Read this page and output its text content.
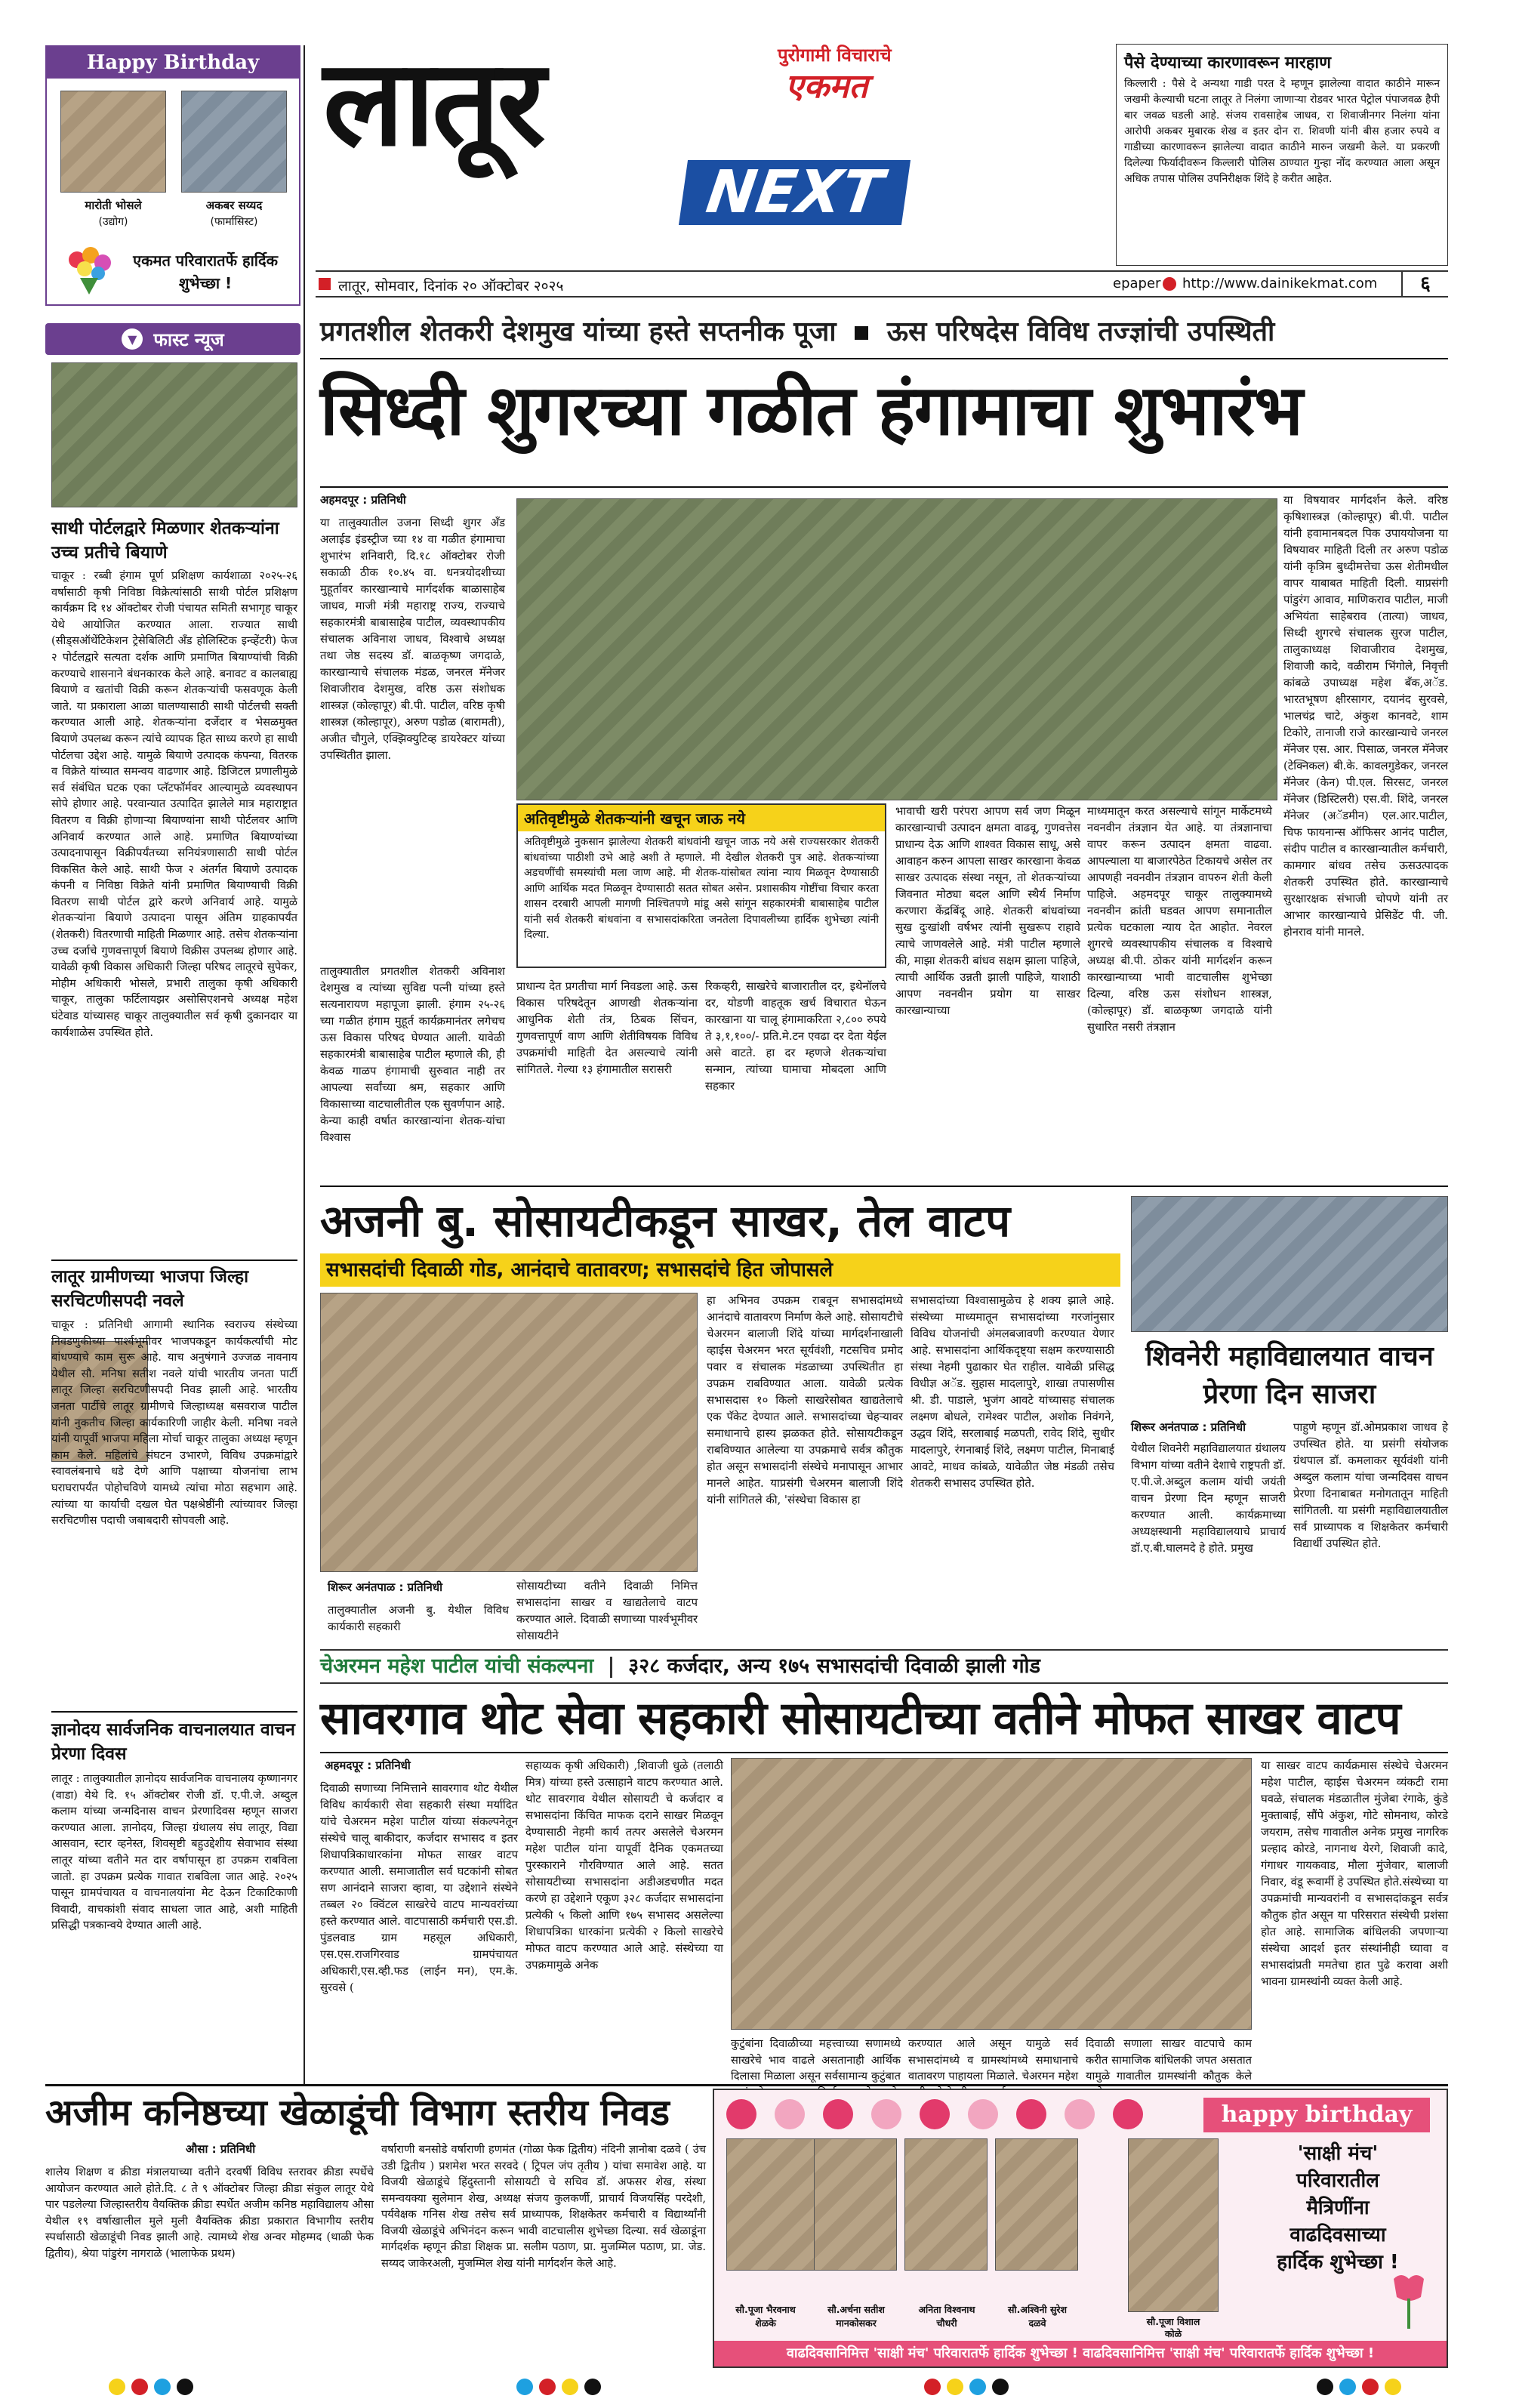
Happy Birthday
मारोती भोसले
(उद्योग)
अकबर सय्यद
(फार्मासिस्ट)
एकमत परिवारातर्फे हार्दिक शुभेच्छा !
▼ फास्ट न्यूज
साथी पोर्टलद्वारे मिळणार शेतकऱ्यांना उच्च प्रतीचे बियाणे
चाकूर : रब्बी हंगाम पूर्ण प्रशिक्षण कार्यशाळा २०२५-२६ वर्षासाठी कृषी निविष्ठा विक्रेत्यांसाठी साथी पोर्टल प्रशिक्षण कार्यक्रम दि १४ ऑक्टोबर रोजी पंचायत समिती सभागृह चाकूर येथे आयोजित करण्यात आला. राज्यात साथी (सीड्सऑथेंटिकेशन ट्रेसेबिलिटी अँड होलिस्टिक इन्व्हेंटरी) फेज २ पोर्टलद्वारे सत्यता दर्शक आणि प्रमाणित बियाण्यांची विक्री करण्याचे शासनाने बंधनकारक केले आहे. बनावट व कालबाह्य बियाणे व खतांची विक्री करून शेतकऱ्यांची फसवणूक केली जाते. या प्रकाराला आळा घालण्यासाठी साथी पोर्टलची सक्ती करण्यात आली आहे. शेतकऱ्यांना दर्जेदार व भेसळमुक्त बियाणे उपलब्ध करून त्यांचे व्यापक हित साध्य करणे हा साथी पोर्टलचा उद्देश आहे. यामुळे बियाणे उत्पादक कंपन्या, वितरक व विक्रेते यांच्यात समन्वय वाढणार आहे. डिजिटल प्रणालीमुळे सर्व संबंधित घटक एका प्लॅटफॉर्मवर आल्यामुळे व्यवस्थापन सोपे होणार आहे. परवान्यात उत्पादित झालेले मात्र महाराष्ट्रात वितरण व विक्री होणाऱ्या बियाण्यांना साथी पोर्टलवर आणि अनिवार्य करण्यात आले आहे. प्रमाणित बियाण्यांच्या उत्पादनापासून विक्रीपर्यंतच्या सनियंत्रणासाठी साथी पोर्टल विकसित केले आहे. साथी फेज २ अंतर्गत बियाणे उत्पादक कंपनी व निविष्ठा विक्रेते यांनी प्रमाणित बियाण्याची विक्री वितरण साथी पोर्टल द्वारे करणे अनिवार्य आहे. यामुळे शेतकऱ्यांना बियाणे उत्पादना पासून अंतिम ग्राहकापर्यंत (शेतकरी) वितरणाची माहिती मिळणार आहे. तसेच शेतकऱ्यांना उच्च दर्जाचे गुणवत्तापूर्ण बियाणे विक्रीस उपलब्ध होणार आहे. यावेळी कृषी विकास अधिकारी जिल्हा परिषद लातूरचे सुपेकर, मोहीम अधिकारी भोसले, प्रभारी तालुका कृषी अधिकारी चाकूर, तालुका फर्टिलायझर असोसिएशनचे अध्यक्ष महेश घंटेवाड यांच्यासह चाकूर तालुक्यातील सर्व कृषी दुकानदार या कार्यशाळेस उपस्थित होते.
लातूर ग्रामीणच्या भाजपा जिल्हा सरचिटणीसपदी नवले
चाकूर : प्रतिनिधी आगामी स्थानिक स्वराज्य संस्थेच्या निवडणुकीच्या पार्श्वभूमीवर भाजपकडून कार्यकर्त्यांची मोट बांधण्याचे काम सुरू आहे. याच अनुषंगाने उज्जळ नावनाय येथील सौ. मनिषा सतीश नवले यांची भारतीय जनता पार्टी लातूर जिल्हा सरचिटणीसपदी निवड झाली आहे. भारतीय जनता पार्टीचे लातूर ग्रामीणचे जिल्हाध्यक्ष बसवराज पाटील यांनी नुकतीच जिल्हा कार्यकारिणी जाहीर केली. मनिषा नवले यांनी यापूर्वी भाजपा महिला मोर्चा चाकूर तालुका अध्यक्ष म्हणून काम केले. महिलांचे संघटन उभारणे, विविध उपक्रमांद्वारे स्वावलंबनाचे धडे देणे आणि पक्षाच्या योजनांचा लाभ घराघरापर्यंत पोहोचविणे यामध्ये त्यांचा मोठा सहभाग आहे. त्यांच्या या कार्याची दखल घेत पक्षश्रेष्ठींनी त्यांच्यावर जिल्हा सरचिटणीस पदाची जबाबदारी सोपवली आहे.
ज्ञानोदय सार्वजनिक वाचनालयात वाचन प्रेरणा दिवस
लातूर : तालुक्यातील ज्ञानोदय सार्वजनिक वाचनालय कृष्णानगर (वाडा) येथे दि. १५ ऑक्टोबर रोजी डॉ. ए.पी.जे. अब्दुल कलाम यांच्या जन्मदिनास वाचन प्रेरणादिवस म्हणून साजरा करण्यात आला. ज्ञानोदय, जिल्हा ग्रंथालय संघ लातूर, विद्या आसवान, स्टार व्हनेस्त, शिवसृष्टी बहुउद्देशीय सेवाभाव संस्था लातूर यांच्या वतीने मत दार वर्षापासून हा उपक्रम राबविला जातो. हा उपक्रम प्रत्येक गावात राबविला जात आहे. २०२५ पासून ग्रामपंचायत व वाचनालयांना मेट देऊन टिकाटिकाणी विवादी, वाचकांशी संवाद साधला जात आहे, अशी माहिती प्रसिद्धी पत्रकान्वये देण्यात आली आहे.
लातूर	पुरोगामी विचाराचे
एकमत
NEXT
लातूर, सोमवार, दिनांक २० ऑक्टोबर २०२५	epaper http://www.dainikekmat.com	६
पैसे देण्याच्या कारणावरून मारहाण
किल्लारी : पैसे दे अन्यथा गाडी परत दे म्हणून झालेल्या वादात काठीने मारून जखमी केल्याची घटना लातूर ते निलंगा जाणाऱ्या रोडवर भारत पेट्रोल पंपाजवळ हैपी बार जवळ घडली आहे. संजय रावसाहेब जाधव, रा शिवाजीनगर निलंगा यांना आरोपी अकबर मुबारक शेख व इतर दोन रा. शिवणी यांनी बीस हजार रुपये व गाडीच्या कारणावरून झालेल्या वादात काठीने मारुन जखमी केले. या प्रकरणी दिलेल्या फिर्यादीवरून किल्लारी पोलिस ठाण्यात गुन्हा नोंद करण्यात आला असून अधिक तपास पोलिस उपनिरीक्षक शिंदे हे करीत आहेत.
प्रगतशील शेतकरी देशमुख यांच्या हस्ते सप्तनीक पूजा ऊस परिषदेस विविध तज्ज्ञांची उपस्थिती
सिध्दी शुगरच्या गळीत हंगामाचा शुभारंभ
अहमदपूर : प्रतिनिधी
या तालुक्यातील उजना सिध्दी शुगर अँड अलाईड इंडस्ट्रीज च्या १४ वा गळीत हंगामाचा शुभारंभ शनिवारी, दि.१८ ऑक्टोबर रोजी सकाळी ठीक १०.४५ वा. धनत्रयोदशीच्या मुहूर्तावर कारखान्याचे मार्गदर्शक बाळासाहेब जाधव, माजी मंत्री महाराष्ट्र राज्य, राज्याचे सहकारमंत्री बाबासाहेब पाटील, व्यवस्थापकीय संचालक अविनाश जाधव, विश्वाचे अध्यक्ष तथा जेष्ठ सदस्य डॉ. बाळकृष्ण जगदाळे, कारखान्याचे संचालक मंडळ, जनरल मॅनेजर शिवाजीराव देशमुख, वरिष्ठ ऊस संशोधक शास्त्रज्ञ (कोल्हापूर) बी.पी. पाटील, वरिष्ठ कृषी शास्त्रज्ञ (कोल्हापूर), अरुण पडोळ (बारामती), अजीत चौगुले, एक्झिक्युटिव्ह डायरेक्टर यांच्या उपस्थितीत झाला.
तालुक्यातील प्रगतशील शेतकरी अविनाश देशमुख व त्यांच्या सुविद्य पत्नी यांच्या हस्ते सत्यनारायण महापूजा झाली. हंगाम २५-२६ च्या गळीत हंगाम मुहूर्त कार्यक्रमानंतर लगेचच ऊस विकास परिषद घेण्यात आली. यावेळी सहकारमंत्री बाबासाहेब पाटील म्हणाले की, ही केवळ गाळप हंगामाची सुरुवात नाही तर आपल्या सर्वांच्या श्रम, सहकार आणि विकासाच्या वाटचालीतील एक सुवर्णपान आहे. केन्या काही वर्षात कारखान्यांना शेतक-यांचा विश्वास
अतिवृष्टीमुळे शेतकऱ्यांनी खचून जाऊ नये
अतिवृष्टीमुळे नुकसान झालेल्या शेतकरी बांधवांनी खचून जाऊ नये असे राज्यसरकार शेतकरी बांधवांच्या पाठीशी उभे आहे अशी ते म्हणाले. मी देखील शेतकरी पुत्र आहे. शेतकऱ्यांच्या अडचणींची समस्यांची मला जाण आहे. मी शेतक-यांसोबत त्यांना न्याय मिळवून देण्यासाठी आणि आर्थिक मदत मिळवून देण्यासाठी सतत सोबत असेन. प्रशासकीय गोष्टींचा विचार करता शासन दरबारी आपली मागणी निश्चितपणे मांडू असे सांगून सहकारमंत्री बाबासाहेब पाटील यांनी सर्व शेतकरी बांधवांना व सभासदांकरिता जनतेला दिपावलीच्या हार्दिक शुभेच्छा त्यांनी दिल्या.
प्राधान्य देत प्रगतीचा मार्ग निवडला आहे. ऊस विकास परिषदेतून आणखी शेतकऱ्यांना आधुनिक शेती तंत्र, ठिबक सिंचन, गुणवत्तापूर्ण वाण आणि शेतीविषयक विविध उपक्रमांची माहिती देत असल्याचे त्यांनी सांगितले. गेल्या १३ हंगामातील सरासरी
रिकव्हरी, साखरेचे बाजारातील दर, इथेनॉलचे दर, योडणी वाहतूक खर्च विचारात घेऊन कारखाना या चालू हंगामाकरिता २,८०० रुपये ते ३,१,१००/- प्रति.मे.टन एवढा दर देता येईल असे वाटते. हा दर म्हणजे शेतकऱ्यांचा सन्मान, त्यांच्या घामाचा मोबदला आणि सहकार
भावाची खरी परंपरा आपण सर्व जण मिळून कारखान्याची उत्पादन क्षमता वाढवू, गुणवत्तेस प्राधान्य देऊ आणि शाश्वत विकास साधू, असे आवाहन करुन आपला साखर कारखाना केवळ साखर उत्पादक संस्था नसून, तो शेतकऱ्यांच्या जिवनात मोठ्या बदल आणि स्थैर्य निर्माण करणारा केंद्रबिंदू आहे. शेतकरी बांधवांच्या सुख दुःखांशी वर्षभर त्यांनी सुखरूप राहावे त्याचे जाणवलेले आहे. मंत्री पाटील म्हणाले की, माझा शेतकरी बांधव सक्षम झाला पाहिजे, त्याची आर्थिक उन्नती झाली पाहिजे, याशाठी आपण नवनवीन प्रयोग या साखर कारखान्याच्या
माध्यमातून करत असल्याचे सांगून मार्केटमध्ये नवनवीन तंत्रज्ञान येत आहे. या तंत्रज्ञानाचा वापर करून उत्पादन क्षमता वाढवा. आपल्याला या बाजारपेठेत टिकायचे असेल तर आपणही नवनवीन तंत्रज्ञान वापरुन शेती केली पाहिजे. अहमदपूर चाकूर तालुक्यामध्ये नवनवीन क्रांती घडवत आपण समानातील प्रत्येक घटकाला न्याय देत आहोत. नेवरल शुगरचे व्यवस्थापकीय संचालक व विश्वाचे अध्यक्ष बी.पी. ठोकर यांनी मार्गदर्शन करून कारखान्याच्या भावी वाटचालीस शुभेच्छा दिल्या, वरिष्ठ ऊस संशोधन शास्त्रज्ञ, (कोल्हापूर) डॉ. बाळकृष्ण जगदाळे यांनी सुधारित नसरी तंत्रज्ञान
या विषयावर मार्गदर्शन केले. वरिष्ठ कृषिशास्त्रज्ञ (कोल्हापूर) बी.पी. पाटील यांनी हवामानबदल पिक उपाययोजना या विषयावर माहिती दिली तर अरुण पडोळ यांनी कृत्रिम बुध्दीमत्तेचा ऊस शेतीमधील वापर याबाबत माहिती दिली. याप्रसंगी पांडुरंग आवाव, माणिकराव पाटील, माजी अभियंता साहेबराव (तात्या) जाधव, सिध्दी शुगरचे संचालक सुरज पाटील, तालुकाध्यक्ष शिवाजीराव देशमुख, शिवाजी कादे, वळीराम भिंगोले, निवृत्ती कांबळे उपाध्यक्ष महेश बँक,अॅड. भारतभूषण क्षीरसागर, दयानंद सुरवसे, भालचंद्र चाटे, अंकुश कानवटे, शाम टिकोरे, तानाजी राजे कारखान्याचे जनरल मॅनेजर एस. आर. पिसाळ, जनरल मॅनेजर (टेक्निकल) बी.के. कावलगुडेकर, जनरल मॅनेजर (केन) पी.एल. सिरसट, जनरल मॅनेजर (डिस्टिलरी) एस.वी. शिंदे, जनरल मॅनेजर (अॅडमीन) एल.आर.पाटील, चिफ फायनान्स ऑफिसर आनंद पाटील, संदीप पाटील व कारखान्यातील कर्मचारी, कामगार बांधव तसेच ऊसउत्पादक शेतकरी उपस्थित होते. कारखान्याचे सुरक्षारक्षक संभाजी चोपणे यांनी तर आभार कारखान्याचे प्रेसिडेंट पी. जी. होनराव यांनी मानले.
अजनी बु. सोसायटीकडून साखर, तेल वाटप
सभासदांची दिवाळी गोड, आनंदाचे वातावरण; सभासदांचे हित जोपासले
शिरूर अनंतपाळ : प्रतिनिधी
तालुक्यातील अजनी बु. येथील विविध कार्यकारी सहकारी
सोसायटीच्या वतीने दिवाळी निमित्त सभासदांना साखर व खाद्यतेलाचे वाटप करण्यात आले. दिवाळी सणाच्या पार्श्वभूमीवर सोसायटीने
हा अभिनव उपक्रम राबवून सभासदांमध्ये आनंदाचे वातावरण निर्माण केले आहे. सोसायटीचे चेअरमन बालाजी शिंदे यांच्या मार्गदर्शनाखाली व्हाईस चेअरमन भरत सूर्यवंशी, गटसचिव प्रमोद पवार व संचालक मंडळाच्या उपस्थितीत हा उपक्रम राबविण्यात आला. यावेळी प्रत्येक सभासदास १० किलो साखरेसोबत खाद्यतेलाचे एक पॅकेट देण्यात आले. सभासदांच्या चेहऱ्यावर समाधानाचे हास्य झळकत होते. सोसायटीकडून राबविण्यात आलेल्या या उपक्रमाचे सर्वत्र कौतुक होत असून सभासदांनी संस्थेचे मनापासून आभार मानले आहेत. याप्रसंगी चेअरमन बालाजी शिंदे यांनी सांगितले की, 'संस्थेचा विकास हा
सभासदांच्या विश्वासामुळेच हे शक्य झाले आहे. संस्थेच्या माध्यमातून सभासदांच्या गरजांनुसार विविध योजनांची अंमलबजावणी करण्यात येणार आहे. सभासदांना आर्थिकदृष्ट्या सक्षम करण्यासाठी संस्था नेहमी पुढाकार घेत राहील. यावेळी प्रसिद्ध विधीज्ञ अॅड. सुहास मादलापुरे, शाखा तपासणीस श्री. डी. पाडाले, भुजंग आवटे यांच्यासह संचालक लक्ष्मण बोधले, रामेश्वर पाटील, अशोक निवंगने, उद्धव शिंदे, सरलाबाई मळपती, रावेद शिंदे, सुधीर मादलापुरे, रंगनाबाई शिंदे, लक्ष्मण पाटील, मिनाबाई आवटे, माधव कांबळे, यावेळीत जेष्ठ मंडळी तसेच शेतकरी सभासद उपस्थित होते.
शिवनेरी महाविद्यालयात वाचन प्रेरणा दिन साजरा
शिरूर अनंतपाळ : प्रतिनिधी
येथील शिवनेरी महाविद्यालयात ग्रंथालय विभाग यांच्या वतीने देशाचे राष्ट्रपती डॉ. ए.पी.जे.अब्दुल कलाम यांची जयंती वाचन प्रेरणा दिन म्हणून साजरी करण्यात आली. कार्यक्रमाच्या अध्यक्षस्थानी महाविद्यालयाचे प्राचार्य डॉ.ए.बी.घालमदे हे होते. प्रमुख
पाहुणे म्हणून डॉ.ओमप्रकाश जाधव हे उपस्थित होते. या प्रसंगी संयोजक ग्रंथपाल डॉ. कमलाकर सूर्यवंशी यांनी अब्दुल कलाम यांचा जन्मदिवस वाचन प्रेरणा दिनाबाबत मनोगतातून माहिती सांगितली. या प्रसंगी महाविद्यालयातील सर्व प्राध्यापक व शिक्षकेतर कर्मचारी विद्यार्थी उपस्थित होते.
चेअरमन महेश पाटील यांची संकल्पना ३२८ कर्जदार, अन्य १७५ सभासदांची दिवाळी झाली गोड
सावरगाव थोट सेवा सहकारी सोसायटीच्या वतीने मोफत साखर वाटप
अहमदपूर : प्रतिनिधी
दिवाळी सणाच्या निमित्ताने सावरगाव थोट येथील विविध कार्यकारी सेवा सहकारी संस्था मर्यादित यांचे चेअरमन महेश पाटील यांच्या संकल्पनेतून संस्थेचे चालू बाकीदार, कर्जदार सभासद व इतर शिधापत्रिकाधारकांना मोफत साखर वाटप करण्यात आली. समाजातील सर्व घटकांनी सोबत सण आनंदाने साजरा व्हावा, या उद्देशाने संस्थेने तब्बल २० क्विंटल साखरेचे वाटप मान्यवरांच्या हस्ते करण्यात आले. वाटपासाठी कर्मचारी एस.डी. पुंडलवाड ग्राम महसूल अधिकारी, एस.एस.राजगिरवाड ग्रामपंचायत अधिकारी,एस.व्ही.फड (लाईन मन), एम.के. सुरवसे (
सहाय्यक कृषी अधिकारी) ,शिवाजी धुळे (तलाठी मित्र) यांच्या हस्ते उत्साहाने वाटप करण्यात आले. थोट सावरगाव येथील सोसायटी चे कर्जदार व सभासदांना किंचित माफक दराने साखर मिळवून देण्यासाठी नेहमी कार्य तत्पर असलेले चेअरमन महेश पाटील यांना यापूर्वी दैनिक एकमतच्या पुरस्काराने गौरविण्यात आले आहे. सतत सोसायटीच्या सभासदांना अडीअडचणीत मदत करणे हा उद्देशाने एकूण ३२८ कर्जदार सभासदांना प्रत्येकी ५ किलो आणि १७५ सभासद असलेल्या शिधापत्रिका धारकांना प्रत्येकी २ किलो साखरेचे मोफत वाटप करण्यात आले आहे. संस्थेच्या या उपक्रमामुळे अनेक
कुटुंबांना दिवाळीच्या महत्त्वाच्या सणामध्ये साखरेचे भाव वाढले असतानाही आर्थिक दिलासा मिळाला असून सर्वसामान्य कुटुंबात
करण्यात आले असून यामुळे सर्व सभासदांमध्ये व ग्रामस्थांमध्ये समाधानाचे वातावरण पाहायला मिळाले. चेअरमन महेश
दिवाळी सणाला साखर वाटपाचे काम करीत सामाजिक बांधिलकी जपत असतात यामुळे गावातील ग्रामस्थांनी कौतुक केले
या साखर वाटप कार्यक्रमास संस्थेचे चेअरमन महेश पाटील, व्हाईस चेअरमन व्यंकटी रामा घवळे, संचालक मंडळातील मुंजेबा रंगाके, कुंडे मुक्ताबाई, सौंपे अंकुश, गोटे सोमनाथ, कोरडे जयराम, तसेच गावातील अनेक प्रमुख नागरिक प्रल्हाद कोरडे, नागनाथ येरगे, शिवाजी कादे, गंगाधर गायकवाड, मौला मुंजेवार, बालाजी निवार, वंडू रूवार्मी हे उपस्थित होते.संस्थेच्या या उपक्रमांची मान्यवरांनी व सभासदांकडून सर्वत्र कौतुक होत असून या परिसरात संस्थेची प्रशंसा होत आहे. सामाजिक बांधिलकी जपणाऱ्या संस्थेचा आदर्श इतर संस्थांनीही घ्यावा व सभासदांप्रती ममतेचा हात पुढे करावा अशी भावना ग्रामस्थांनी व्यक्त केली आहे.
अजीम कनिष्ठच्या खेळाडूंची विभाग स्तरीय निवड
औसा : प्रतिनिधी
शालेय शिक्षण व क्रीडा मंत्रालयाच्या वतीने दरवर्षी विविध स्तरावर क्रीडा स्पर्धेचे आयोजन करण्यात आले होते.दि. ८ ते ९ ऑक्टोबर जिल्हा क्रीडा संकुल लातूर येथे पार पडलेल्या जिल्हास्तरीय वैयक्तिक क्रीडा स्पर्धेत अजीम कनिष्ठ महाविद्यालय औसा येथील १९ वर्षाखालील मुले मुली वैयक्तिक क्रीडा प्रकारात विभागीय स्तरीय स्पर्धासाठी खेळाडूंची निवड झाली आहे. त्यामध्ये शेख अन्वर मोहम्मद (थाळी फेक द्वितीय), श्रेया पांडुरंग नागराळे (भालाफेक प्रथम)
वर्षाराणी बनसोडे वर्षाराणी हणमंत (गोळा फेक द्वितीय) नंदिनी ज्ञानोबा दळवे ( उंच उडी द्वितीय ) प्रशमेश भरत सरवदे ( ट्रिपल जंप तृतीय ) यांचा समावेश आहे. या विजयी खेळाडूंचे हिंदुस्तानी सोसायटी चे सचिव डॉ. अफसर शेख, संस्था समन्वयक्या सुलेमान शेख, अध्यक्ष संजय कुलकर्णी, प्राचार्य विजयसिंह परदेशी, पर्यवेक्षक गनिस शेख तसेच सर्व प्राध्यापक, शिक्षकेतर कर्मचारी व विद्यार्थ्यांनी विजयी खेळाडूंचे अभिनंदन करून भावी वाटचालीस शुभेच्छा दिल्या. सर्व खेळाडूंना मार्गदर्शक म्हणून क्रीडा शिक्षक प्रा. सलीम पठाण, प्रा. मुजम्मिल पठाण, प्रा. जेड. सय्यद जाकेरअली, मुजम्मिल शेख यांनी मार्गदर्शन केले आहे.
happy birthday
सौ.पूजा भैरवनाथ
शेळके
सौ.अर्चना सतीश
मानकोसकर
अनिता विश्वनाथ
चौधरी
सौ.अश्विनी सुरेश
दळवे	सौ.पूजा विशाल
कोळे
'साक्षी मंच'
परिवारातील
मैत्रिणींना
वाढदिवसाच्या
हार्दिक शुभेच्छा !
वाढदिवसानिमित्त 'साक्षी मंच' परिवारातर्फे हार्दिक शुभेच्छा ! वाढदिवसानिमित्त 'साक्षी मंच' परिवारातर्फे हार्दिक शुभेच्छा !
